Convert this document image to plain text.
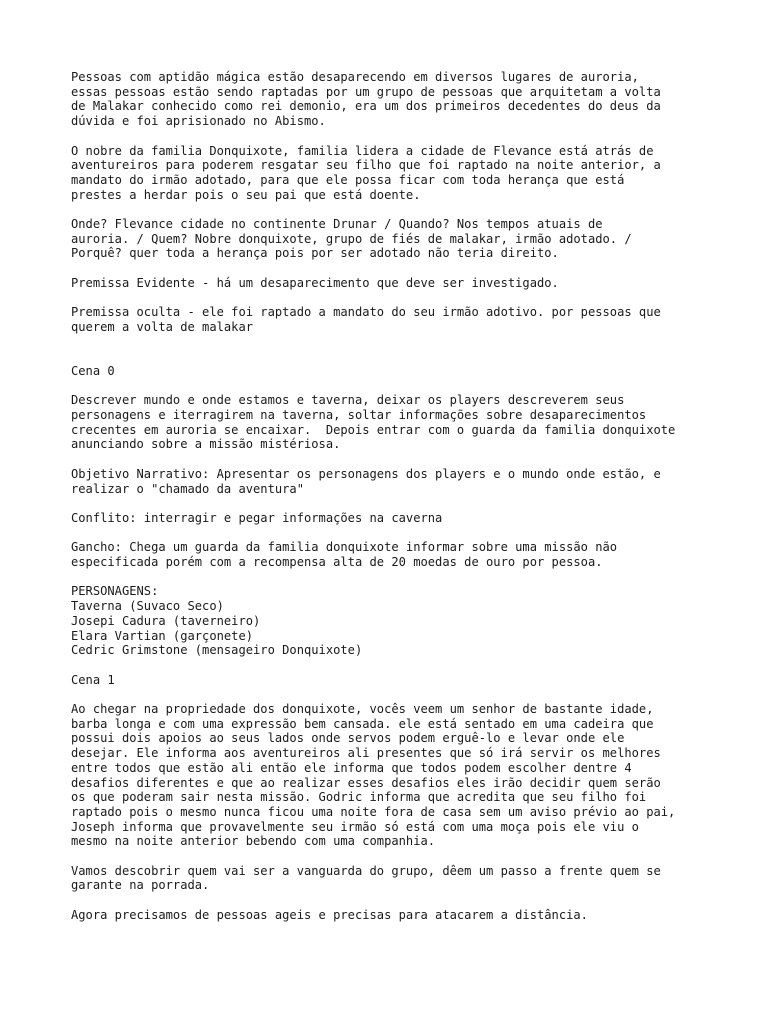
Pessoas com aptidão mágica estão desaparecendo em diversos lugares de auroria,
essas pessoas estão sendo raptadas por um grupo de pessoas que arquitetam a volta
de Malakar conhecido como rei demonio, era um dos primeiros decedentes do deus da
dúvida e foi aprisionado no Abismo.
O nobre da familia Donquixote, familia lidera a cidade de Flevance está atrás de
aventureiros para poderem resgatar seu filho que foi raptado na noite anterior, a
mandato do irmão adotado, para que ele possa ficar com toda herança que está
prestes a herdar pois o seu pai que está doente.
Onde? Flevance cidade no continente Drunar / Quando? Nos tempos atuais de
auroria. / Quem? Nobre donquixote, grupo de fiés de malakar, irmão adotado. /
Porquê? quer toda a herança pois por ser adotado não teria direito.
Premissa Evidente - há um desaparecimento que deve ser investigado.
Premissa oculta - ele foi raptado a mandato do seu irmão adotivo. por pessoas que
querem a volta de malakar
Cena 0
Descrever mundo e onde estamos e taverna, deixar os players descreverem seus
personagens e iterragirem na taverna, soltar informações sobre desaparecimentos
crecentes em auroria se encaixar.  Depois entrar com o guarda da familia donquixote
anunciando sobre a missão mistériosa.
Objetivo Narrativo: Apresentar os personagens dos players e o mundo onde estão, e
realizar o "chamado da aventura"
Conflito: interragir e pegar informações na caverna
Gancho: Chega um guarda da familia donquixote informar sobre uma missão não
especificada porém com a recompensa alta de 20 moedas de ouro por pessoa.
PERSONAGENS:
Taverna (Suvaco Seco)
Josepi Cadura (taverneiro)
Elara Vartian (garçonete)
Cedric Grimstone (mensageiro Donquixote)
Cena 1
Ao chegar na propriedade dos donquixote, vocês veem um senhor de bastante idade,
barba longa e com uma expressão bem cansada. ele está sentado em uma cadeira que
possui dois apoios ao seus lados onde servos podem erguê-lo e levar onde ele
desejar. Ele informa aos aventureiros ali presentes que só irá servir os melhores
entre todos que estão ali então ele informa que todos podem escolher dentre 4
desafios diferentes e que ao realizar esses desafios eles irão decidir quem serão
os que poderam sair nesta missão. Godric informa que acredita que seu filho foi
raptado pois o mesmo nunca ficou uma noite fora de casa sem um aviso prévio ao pai,
Joseph informa que provavelmente seu irmão só está com uma moça pois ele viu o
mesmo na noite anterior bebendo com uma companhia.
Vamos descobrir quem vai ser a vanguarda do grupo, dêem um passo a frente quem se
garante na porrada.
Agora precisamos de pessoas ageis e precisas para atacarem a distância.
